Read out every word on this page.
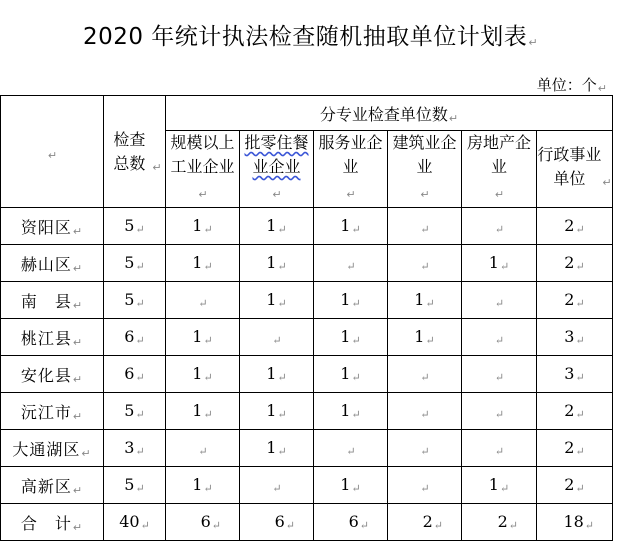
2020 年统计执法检查随机抽取单位计划表↵
单位：个↵
↵	检查总数 ↵	分专业检查单位数↵					
		规模以上工业企业↵	批零住餐业企业↵	服务业企业↵	建筑业企业↵	房地产企业↵	行政事业单位 ↵
资阳区↵	5↵	1↵	1↵	1↵	↵	↵	2↵
赫山区↵	5↵	1↵	1↵	↵	↵	1↵	2↵
南　县↵	5↵	↵	1↵	1↵	1↵	↵	2↵
桃江县↵	6↵	1↵	↵	1↵	1↵	↵	3↵
安化县↵	6↵	1↵	1↵	1↵	↵	↵	3↵
沅江市↵	5↵	1↵	1↵	1↵	↵	↵	2↵
大通湖区↵	3↵	↵	1↵	↵	↵	↵	2↵
高新区↵	5↵	1↵	↵	1↵	↵	1↵	2↵
合　计↵	40↵	6↵	6↵	6↵	2↵	2↵	18↵
